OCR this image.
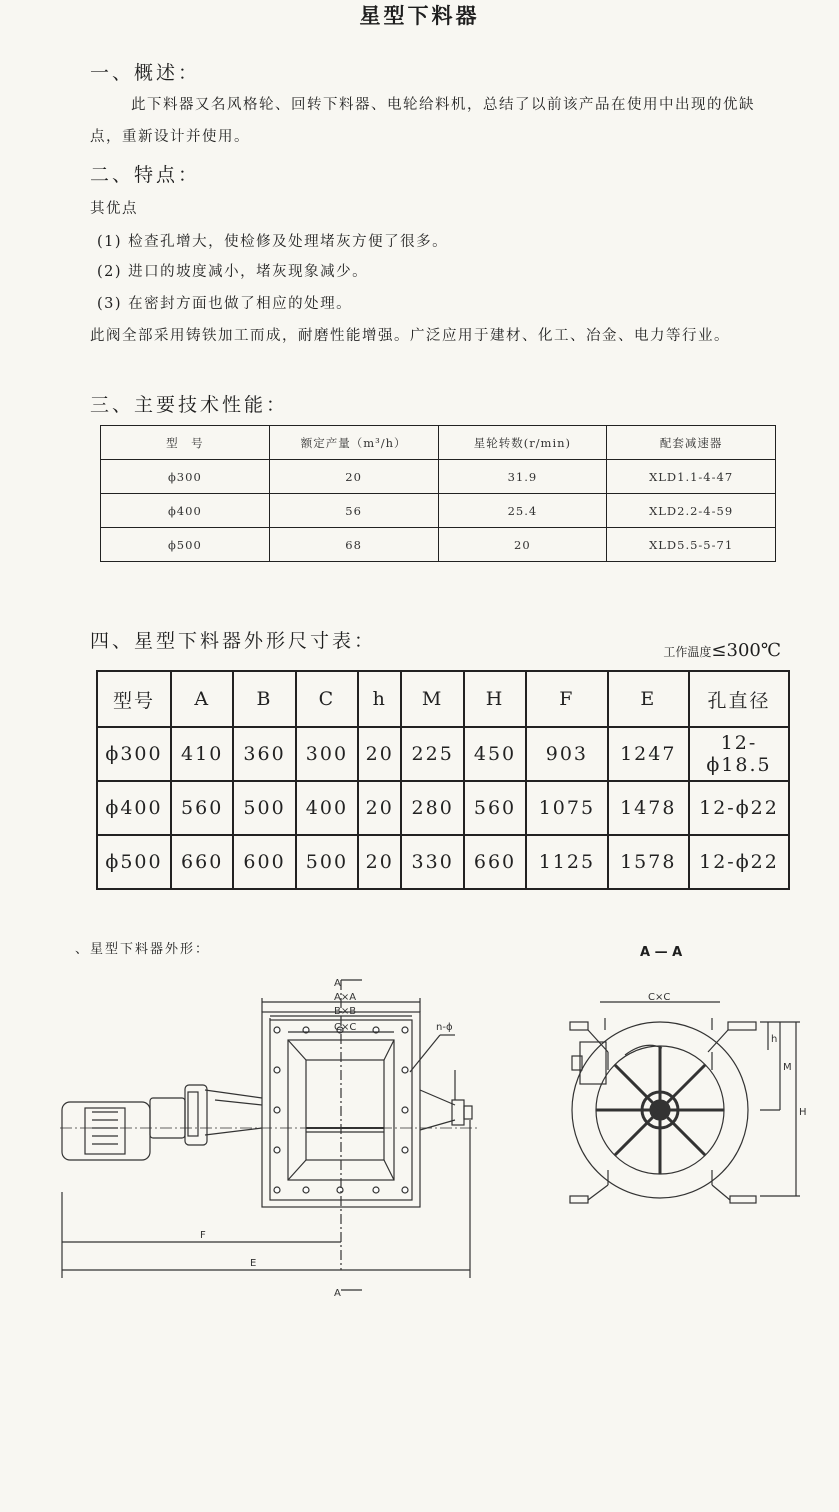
星型下料器
一、概述：
此下料器又名风格轮、回转下料器、电轮给料机，总结了以前该产品在使用中出现的优缺
点，重新设计并使用。
二、特点：
其优点
(1) 检查孔增大，使检修及处理堵灰方便了很多。
(2) 进口的坡度减小，堵灰现象减少。
(3) 在密封方面也做了相应的处理。
此阀全部采用铸铁加工而成，耐磨性能增强。广泛应用于建材、化工、冶金、电力等行业。
三、主要技术性能：
型　号	额定产量（m³/h）	星轮转数(r/min)	配套减速器
ϕ300	20	31.9	XLD1.1-4-47
ϕ400	56	25.4	XLD2.2-4-59
ϕ500	68	20	XLD5.5-5-71
四、星型下料器外形尺寸表：	工作温度≤300℃
型号	A	B	C	h	M	H	F	E	孔直径
ϕ300	410	360	300	20	225	450	903	1247	12-ϕ18.5
ϕ400	560	500	400	20	280	560	1075	1478	12-ϕ22
ϕ500	660	600	500	20	330	660	1125	1578	12-ϕ22
、星型下料器外形：
A
A×A
B×B
C×C	n-ϕ
F
E
A
C×C
h
M
H
A — A
